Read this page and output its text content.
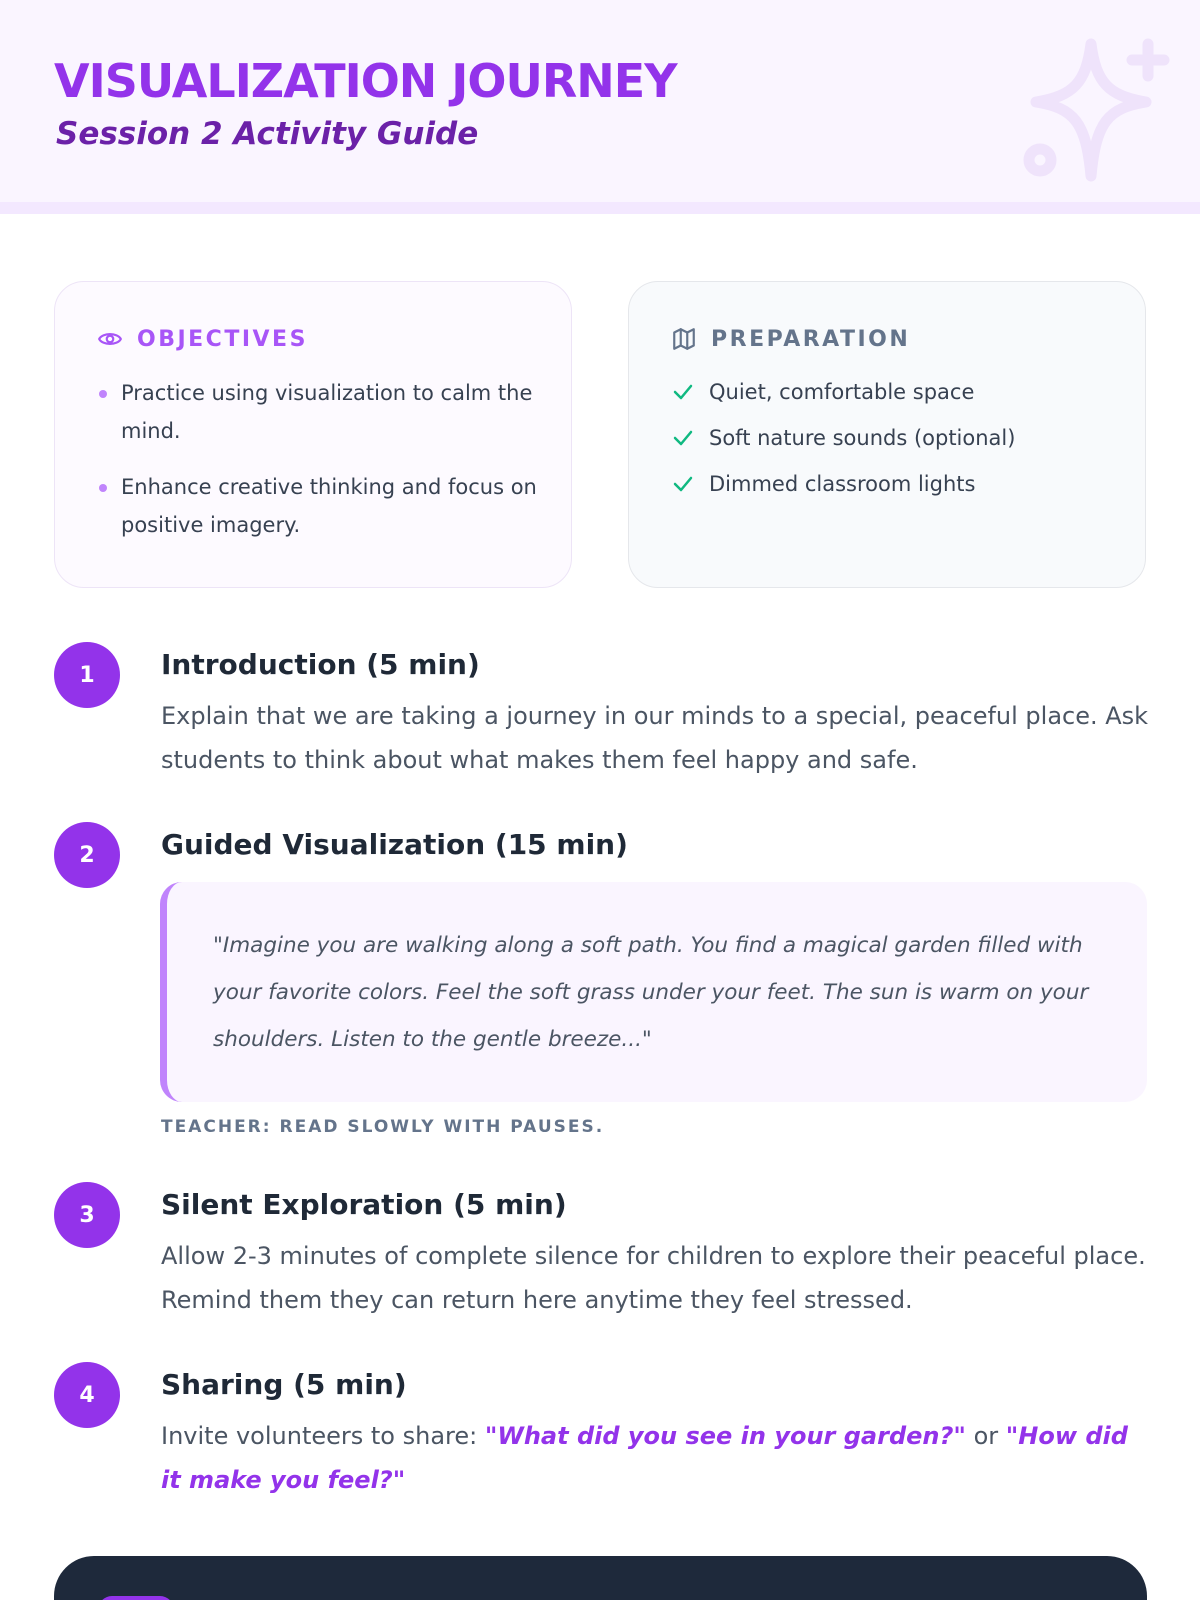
VISUALIZATION JOURNEY
Session 2 Activity Guide
OBJECTIVES
Practice using visualization to calm the mind.
Enhance creative thinking and focus on positive imagery.
PREPARATION
Quiet, comfortable space
Soft nature sounds (optional)
Dimmed classroom lights
1	Introduction (5 min)
Explain that we are taking a journey in our minds to a special, peaceful place. Ask students to think about what makes them feel happy and safe.
2	Guided Visualization (15 min)
"Imagine you are walking along a soft path. You find a magical garden filled with your favorite colors. Feel the soft grass under your feet. The sun is warm on your shoulders. Listen to the gentle breeze..."
TEACHER: READ SLOWLY WITH PAUSES.
3	Silent Exploration (5 min)
Allow 2-3 minutes of complete silence for children to explore their peaceful place. Remind them they can return here anytime they feel stressed.
4	Sharing (5 min)
Invite volunteers to share: "What did you see in your garden?" or "How did it make you feel?"
